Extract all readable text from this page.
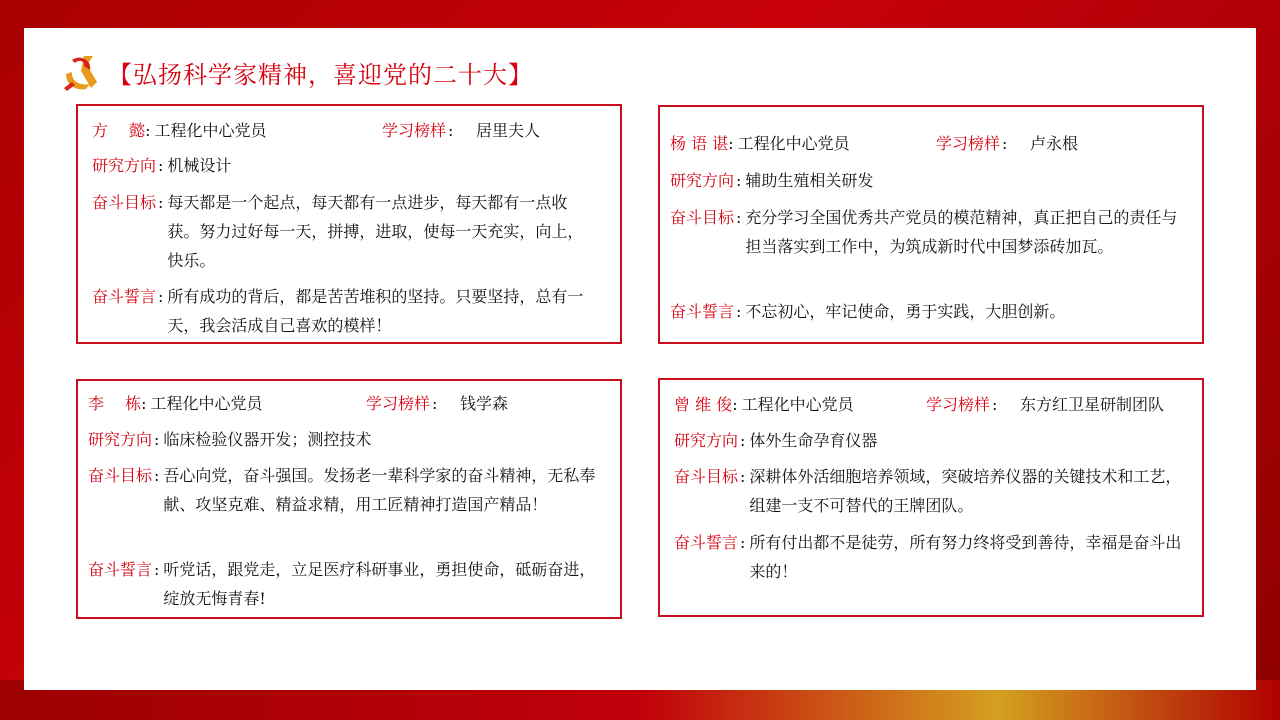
【弘扬科学家精神，喜迎党的二十大】
方　 懿: 工程化中心党员	学习榜样 : 居里夫人
研究方向 : 机械设计
奋斗目标 : 每天都是一个起点，每天都有一点进步，每天都有一点收获。努力过好每一天，拼搏，进取，使每一天充实，向上，快乐。
奋斗誓言 : 所有成功的背后，都是苦苦堆积的坚持。只要坚持，总有一天，我会活成自己喜欢的模样！
杨 语 谌: 工程化中心党员	学习榜样 : 卢永根
研究方向 : 辅助生殖相关研发
奋斗目标 : 充分学习全国优秀共产党员的模范精神，真正把自己的责任与担当落实到工作中，为筑成新时代中国梦添砖加瓦。
奋斗誓言 : 不忘初心，牢记使命，勇于实践，大胆创新。
李　 栋: 工程化中心党员	学习榜样 : 钱学森
研究方向 : 临床检验仪器开发；测控技术
奋斗目标 : 吾心向党，奋斗强国。发扬老一辈科学家的奋斗精神，无私奉献、攻坚克难、精益求精，用工匠精神打造国产精品！
奋斗誓言 : 听党话，跟党走，立足医疗科研事业，勇担使命，砥砺奋进，绽放无悔青春!
曾 维 俊: 工程化中心党员	学习榜样 : 东方红卫星研制团队
研究方向 : 体外生命孕育仪器
奋斗目标 : 深耕体外活细胞培养领域，突破培养仪器的关键技术和工艺，组建一支不可替代的王牌团队。
奋斗誓言 : 所有付出都不是徒劳，所有努力终将受到善待，幸福是奋斗出来的！
